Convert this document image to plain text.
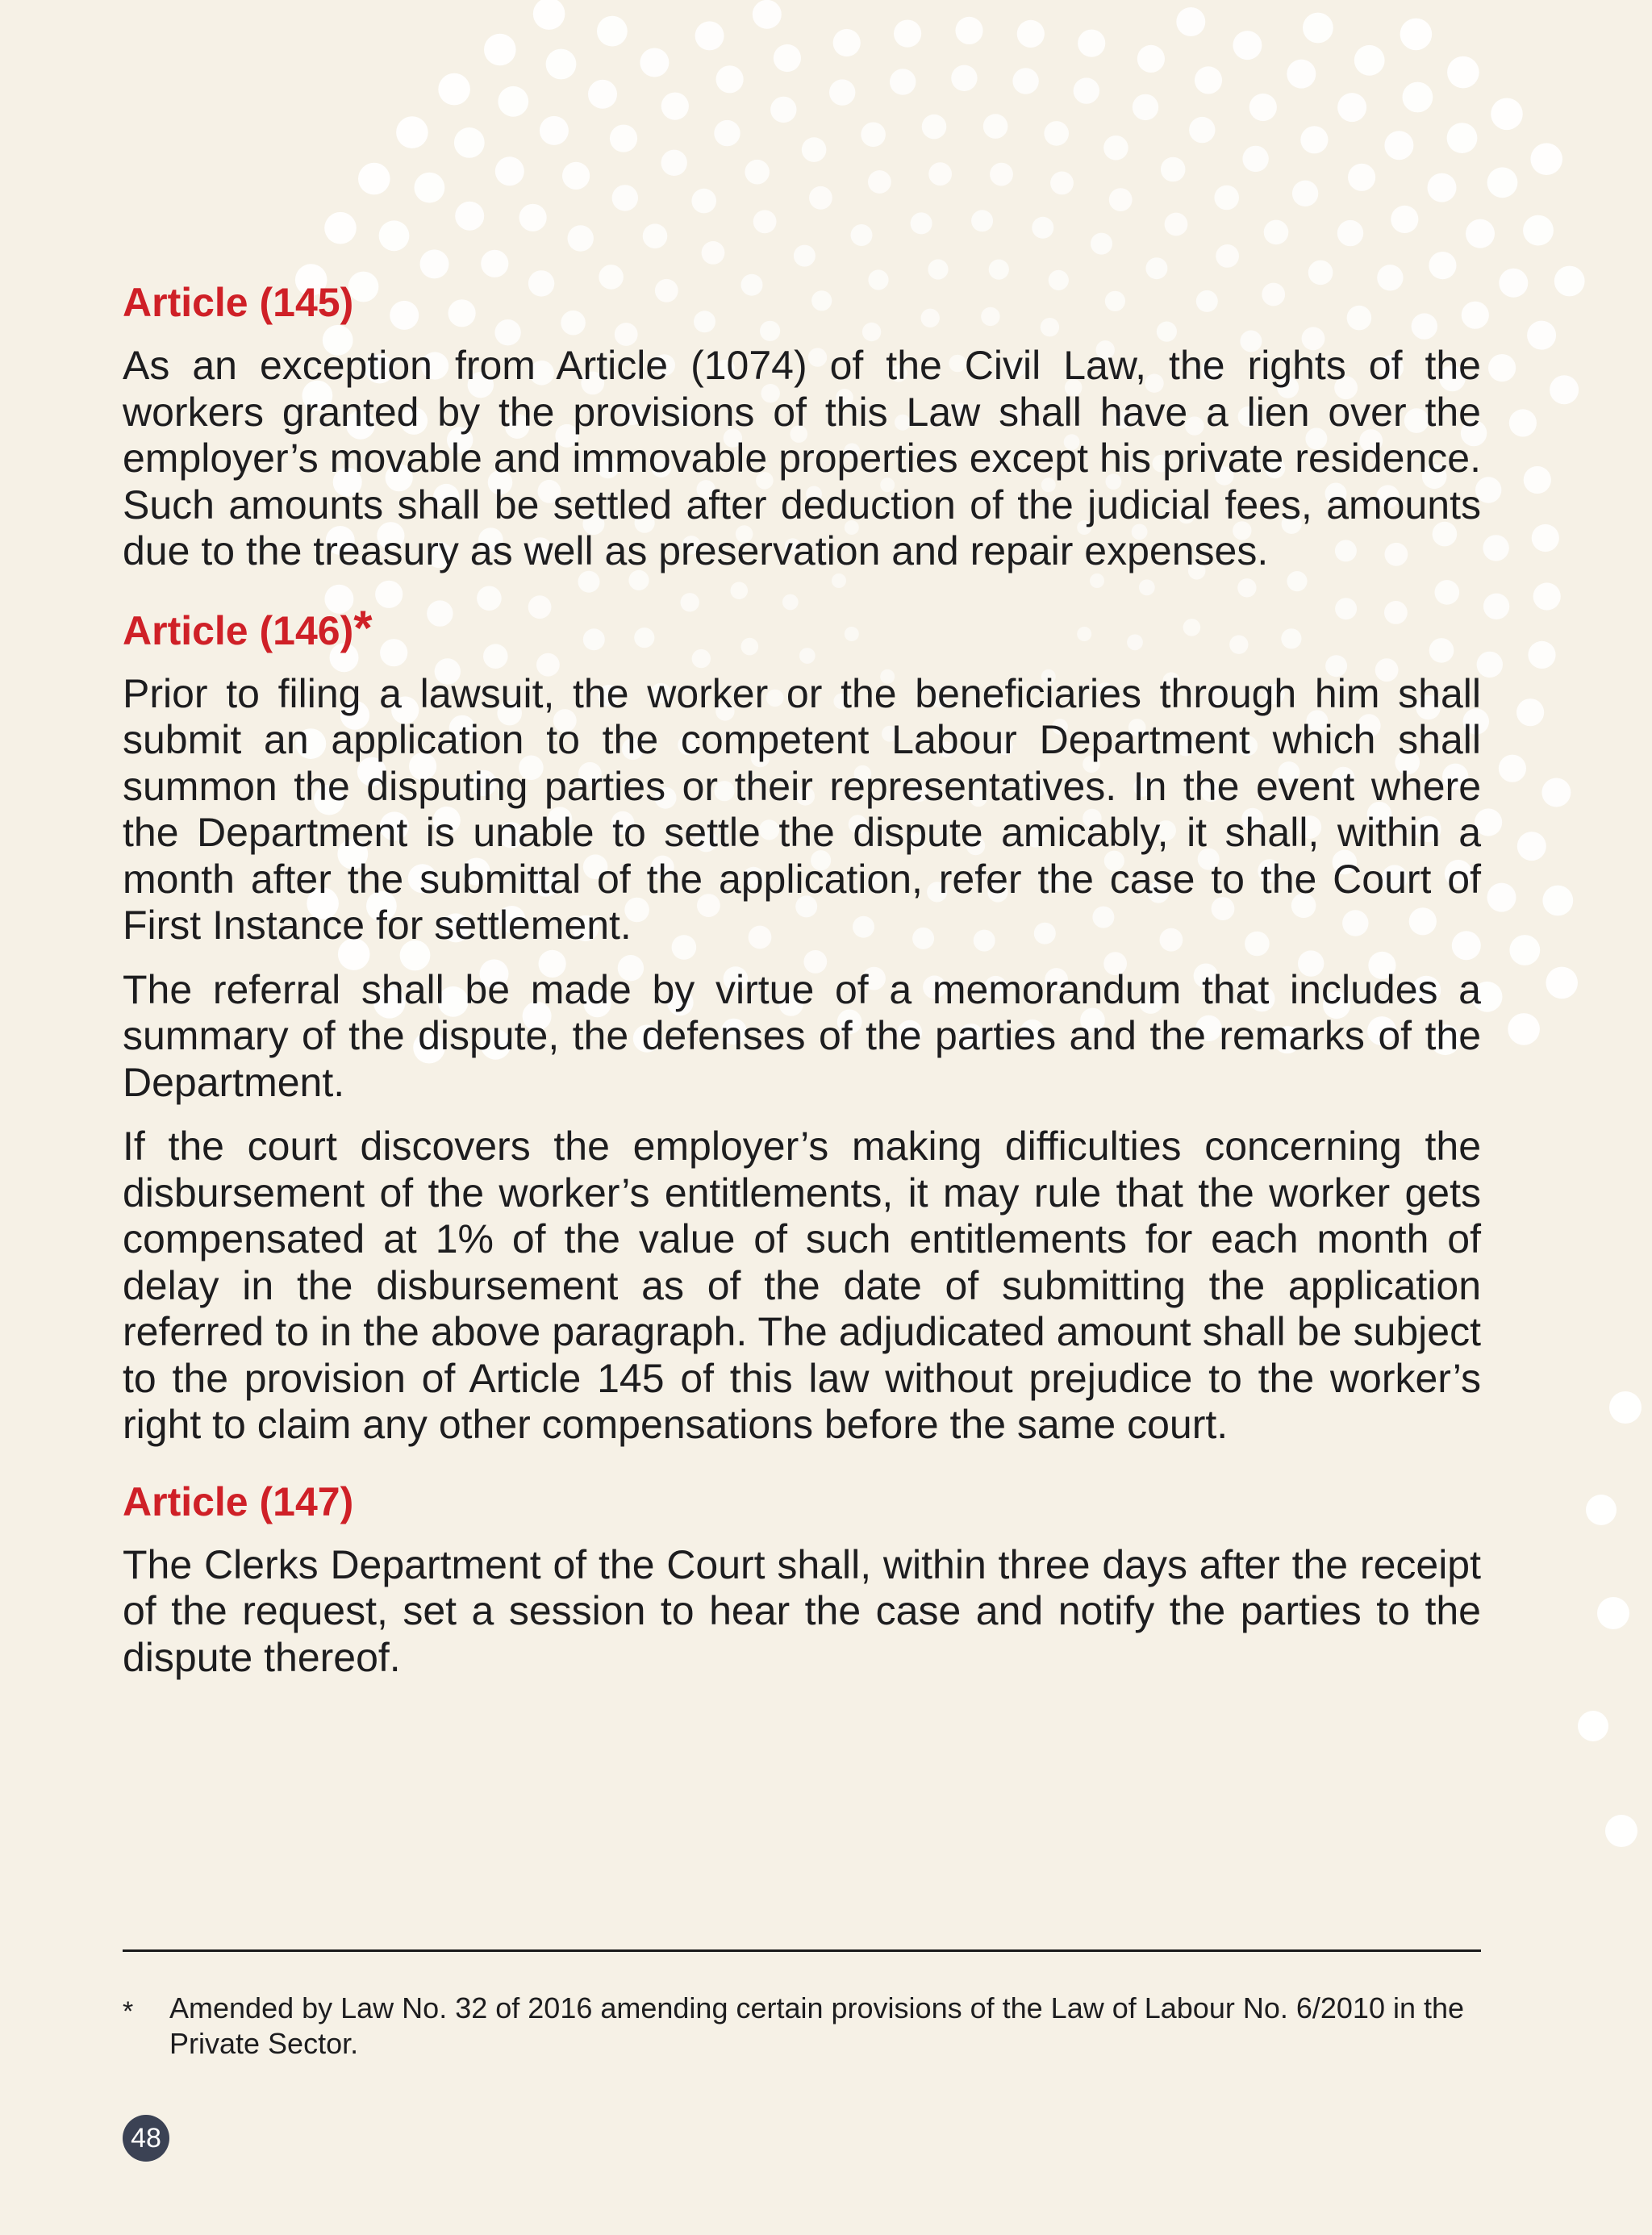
Article (145)

As an exception from Article (1074) of the Civil Law, the rights of the workers granted by the provisions of this Law shall have a lien over the employer’s movable and immovable properties except his private residence. Such amounts shall be settled after deduction of the judicial fees, amounts due to the treasury as well as preservation and repair expenses.

Article (146)*

Prior to filing a lawsuit, the worker or the beneficiaries through him shall submit an application to the competent Labour Department which shall summon the disputing parties or their representatives. In the event where the Department is unable to settle the dispute amicably, it shall, within a month after the submittal of the application, refer the case to the Court of First Instance for settlement.

The referral shall be made by virtue of a memorandum that includes a summary of the dispute, the defenses of the parties and the remarks of the Department.

If the court discovers the employer’s making difficulties concerning the disbursement of the worker’s entitlements, it may rule that the worker gets compensated at 1% of the value of such entitlements for each month of delay in the disbursement as of the date of submitting the application referred to in the above paragraph. The adjudicated amount shall be subject to the provision of Article 145 of this law without prejudice to the worker’s right to claim any other compensations before the same court.

Article (147)

The Clerks Department of the Court shall, within three days after the receipt of the request, set a session to hear the case and notify the parties to the dispute thereof.

* Amended by Law No. 32 of 2016 amending certain provisions of the Law of Labour No. 6/2010 in the Private Sector.
48
